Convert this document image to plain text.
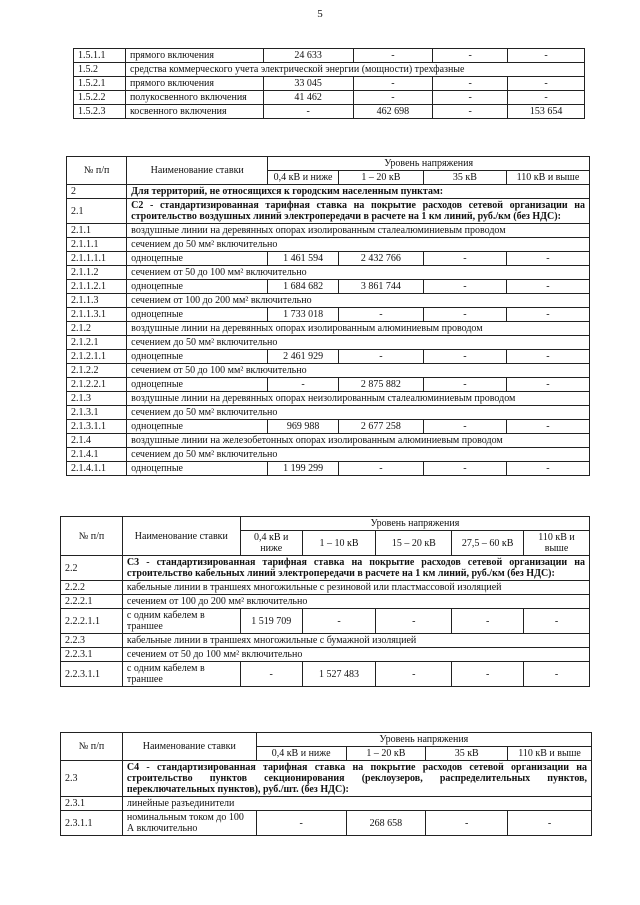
5
1.5.1.1	прямого включения	24 633	-	-	-
1.5.2	средства коммерческого учета электрической энергии (мощности) трехфазные				
1.5.2.1	прямого включения	33 045	-	-	-
1.5.2.2	полукосвенного включения	41 462	-	-	-
1.5.2.3	косвенного включения	-	462 698	-	153 654
№ п/п	Наименование ставки	Уровень напряжения			
		0,4 кВ и ниже	1 – 20 кВ	35 кВ	110 кВ и выше
2	Для территорий, не относящихся к городским населенным пунктам:				
2.1	С2 - стандартизированная тарифная ставка на покрытие расходов сетевой организации на строительство воздушных линий электропередачи в расчете на 1 км линий, руб./км (без НДС):				
2.1.1	воздушные линии на деревянных опорах изолированным сталеалюминиевым проводом				
2.1.1.1	сечением до 50 мм² включительно				
2.1.1.1.1	одноцепные	1 461 594	2 432 766	-	-
2.1.1.2	сечением от 50 до 100 мм² включительно				
2.1.1.2.1	одноцепные	1 684 682	3 861 744	-	-
2.1.1.3	сечением от 100 до 200 мм² включительно				
2.1.1.3.1	одноцепные	1 733 018	-	-	-
2.1.2	воздушные линии на деревянных опорах изолированным алюминиевым проводом				
2.1.2.1	сечением до 50 мм² включительно				
2.1.2.1.1	одноцепные	2 461 929	-	-	-
2.1.2.2	сечением от 50 до 100 мм² включительно				
2.1.2.2.1	одноцепные	-	2 875 882	-	-
2.1.3	воздушные линии на деревянных опорах неизолированным сталеалюминиевым проводом				
2.1.3.1	сечением до 50 мм² включительно				
2.1.3.1.1	одноцепные	969 988	2 677 258	-	-
2.1.4	воздушные линии на железобетонных опорах изолированным алюминиевым проводом				
2.1.4.1	сечением до 50 мм² включительно				
2.1.4.1.1	одноцепные	1 199 299	-	-	-
№ п/п	Наименование ставки	Уровень напряжения				
		0,4 кВ и ниже	1 – 10 кВ	15 – 20 кВ	27,5 – 60 кВ	110 кВ и выше
2.2	С3 - стандартизированная тарифная ставка на покрытие расходов сетевой организации на строительство кабельных линий электропередачи в расчете на 1 км линий, руб./км (без НДС):					
2.2.2	кабельные линии в траншеях многожильные с резиновой или пластмассовой изоляцией					
2.2.2.1	сечением от 100 до 200 мм² включительно					
2.2.2.1.1	с одним кабелем в траншее	1 519 709	-	-	-	-
2.2.3	кабельные линии в траншеях многожильные с бумажной изоляцией					
2.2.3.1	сечением от 50 до 100 мм² включительно					
2.2.3.1.1	с одним кабелем в траншее	-	1 527 483	-	-	-
№ п/п	Наименование ставки	Уровень напряжения			
		0,4 кВ и ниже	1 – 20 кВ	35 кВ	110 кВ и выше
2.3	С4 - стандартизированная тарифная ставка на покрытие расходов сетевой организации на строительство пунктов секционирования (реклоузеров, распределительных пунктов, переключательных пунктов), руб./шт. (без НДС):				
2.3.1	линейные разъединители				
2.3.1.1	номинальным током до 100 А включительно	-	268 658	-	-
